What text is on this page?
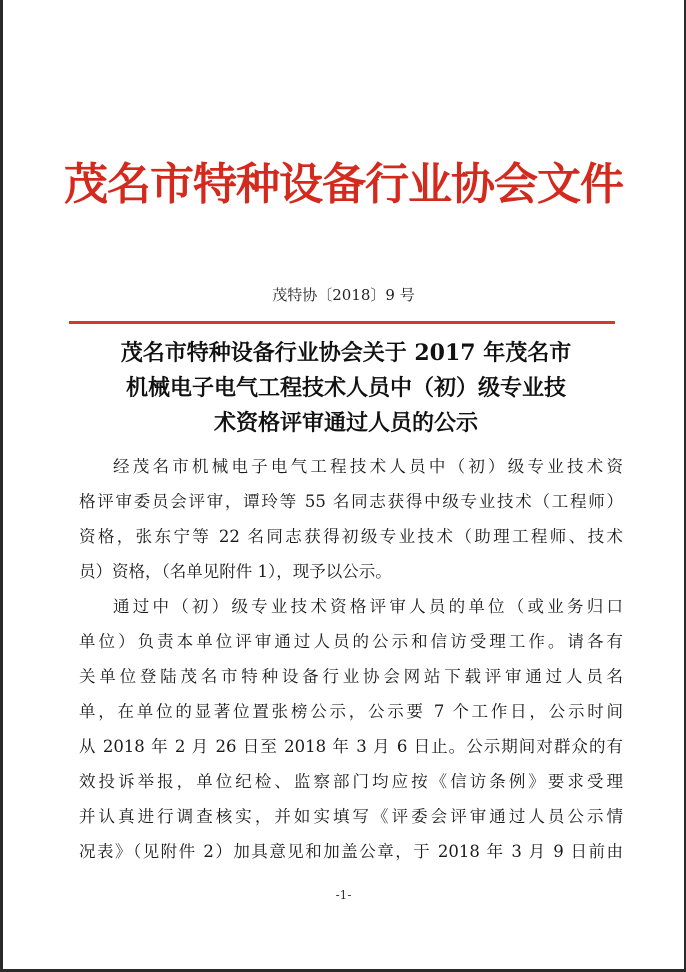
茂名市特种设备行业协会文件
茂特协〔2018〕9 号
茂名市特种设备行业协会关于 2017 年茂名市
机械电子电气工程技术人员中（初）级专业技
术资格评审通过人员的公示
经茂名市机械电子电气工程技术人员中（初）级专业技术资
格评审委员会评审，谭玲等 55 名同志获得中级专业技术（工程师）
资格，张东宁等 22 名同志获得初级专业技术（助理工程师、技术
员）资格，（名单见附件 1），现予以公示。
通过中（初）级专业技术资格评审人员的单位（或业务归口
单位）负责本单位评审通过人员的公示和信访受理工作。请各有
关单位登陆茂名市特种设备行业协会网站下载评审通过人员名
单，在单位的显著位置张榜公示，公示要 7 个工作日，公示时间
从 2018 年 2 月 26 日至 2018 年 3 月 6 日止。公示期间对群众的有
效投诉举报，单位纪检、监察部门均应按《信访条例》要求受理
并认真进行调查核实，并如实填写《评委会评审通过人员公示情
况表》（见附件 2）加具意见和加盖公章，于 2018 年 3 月 9 日前由
-1-
